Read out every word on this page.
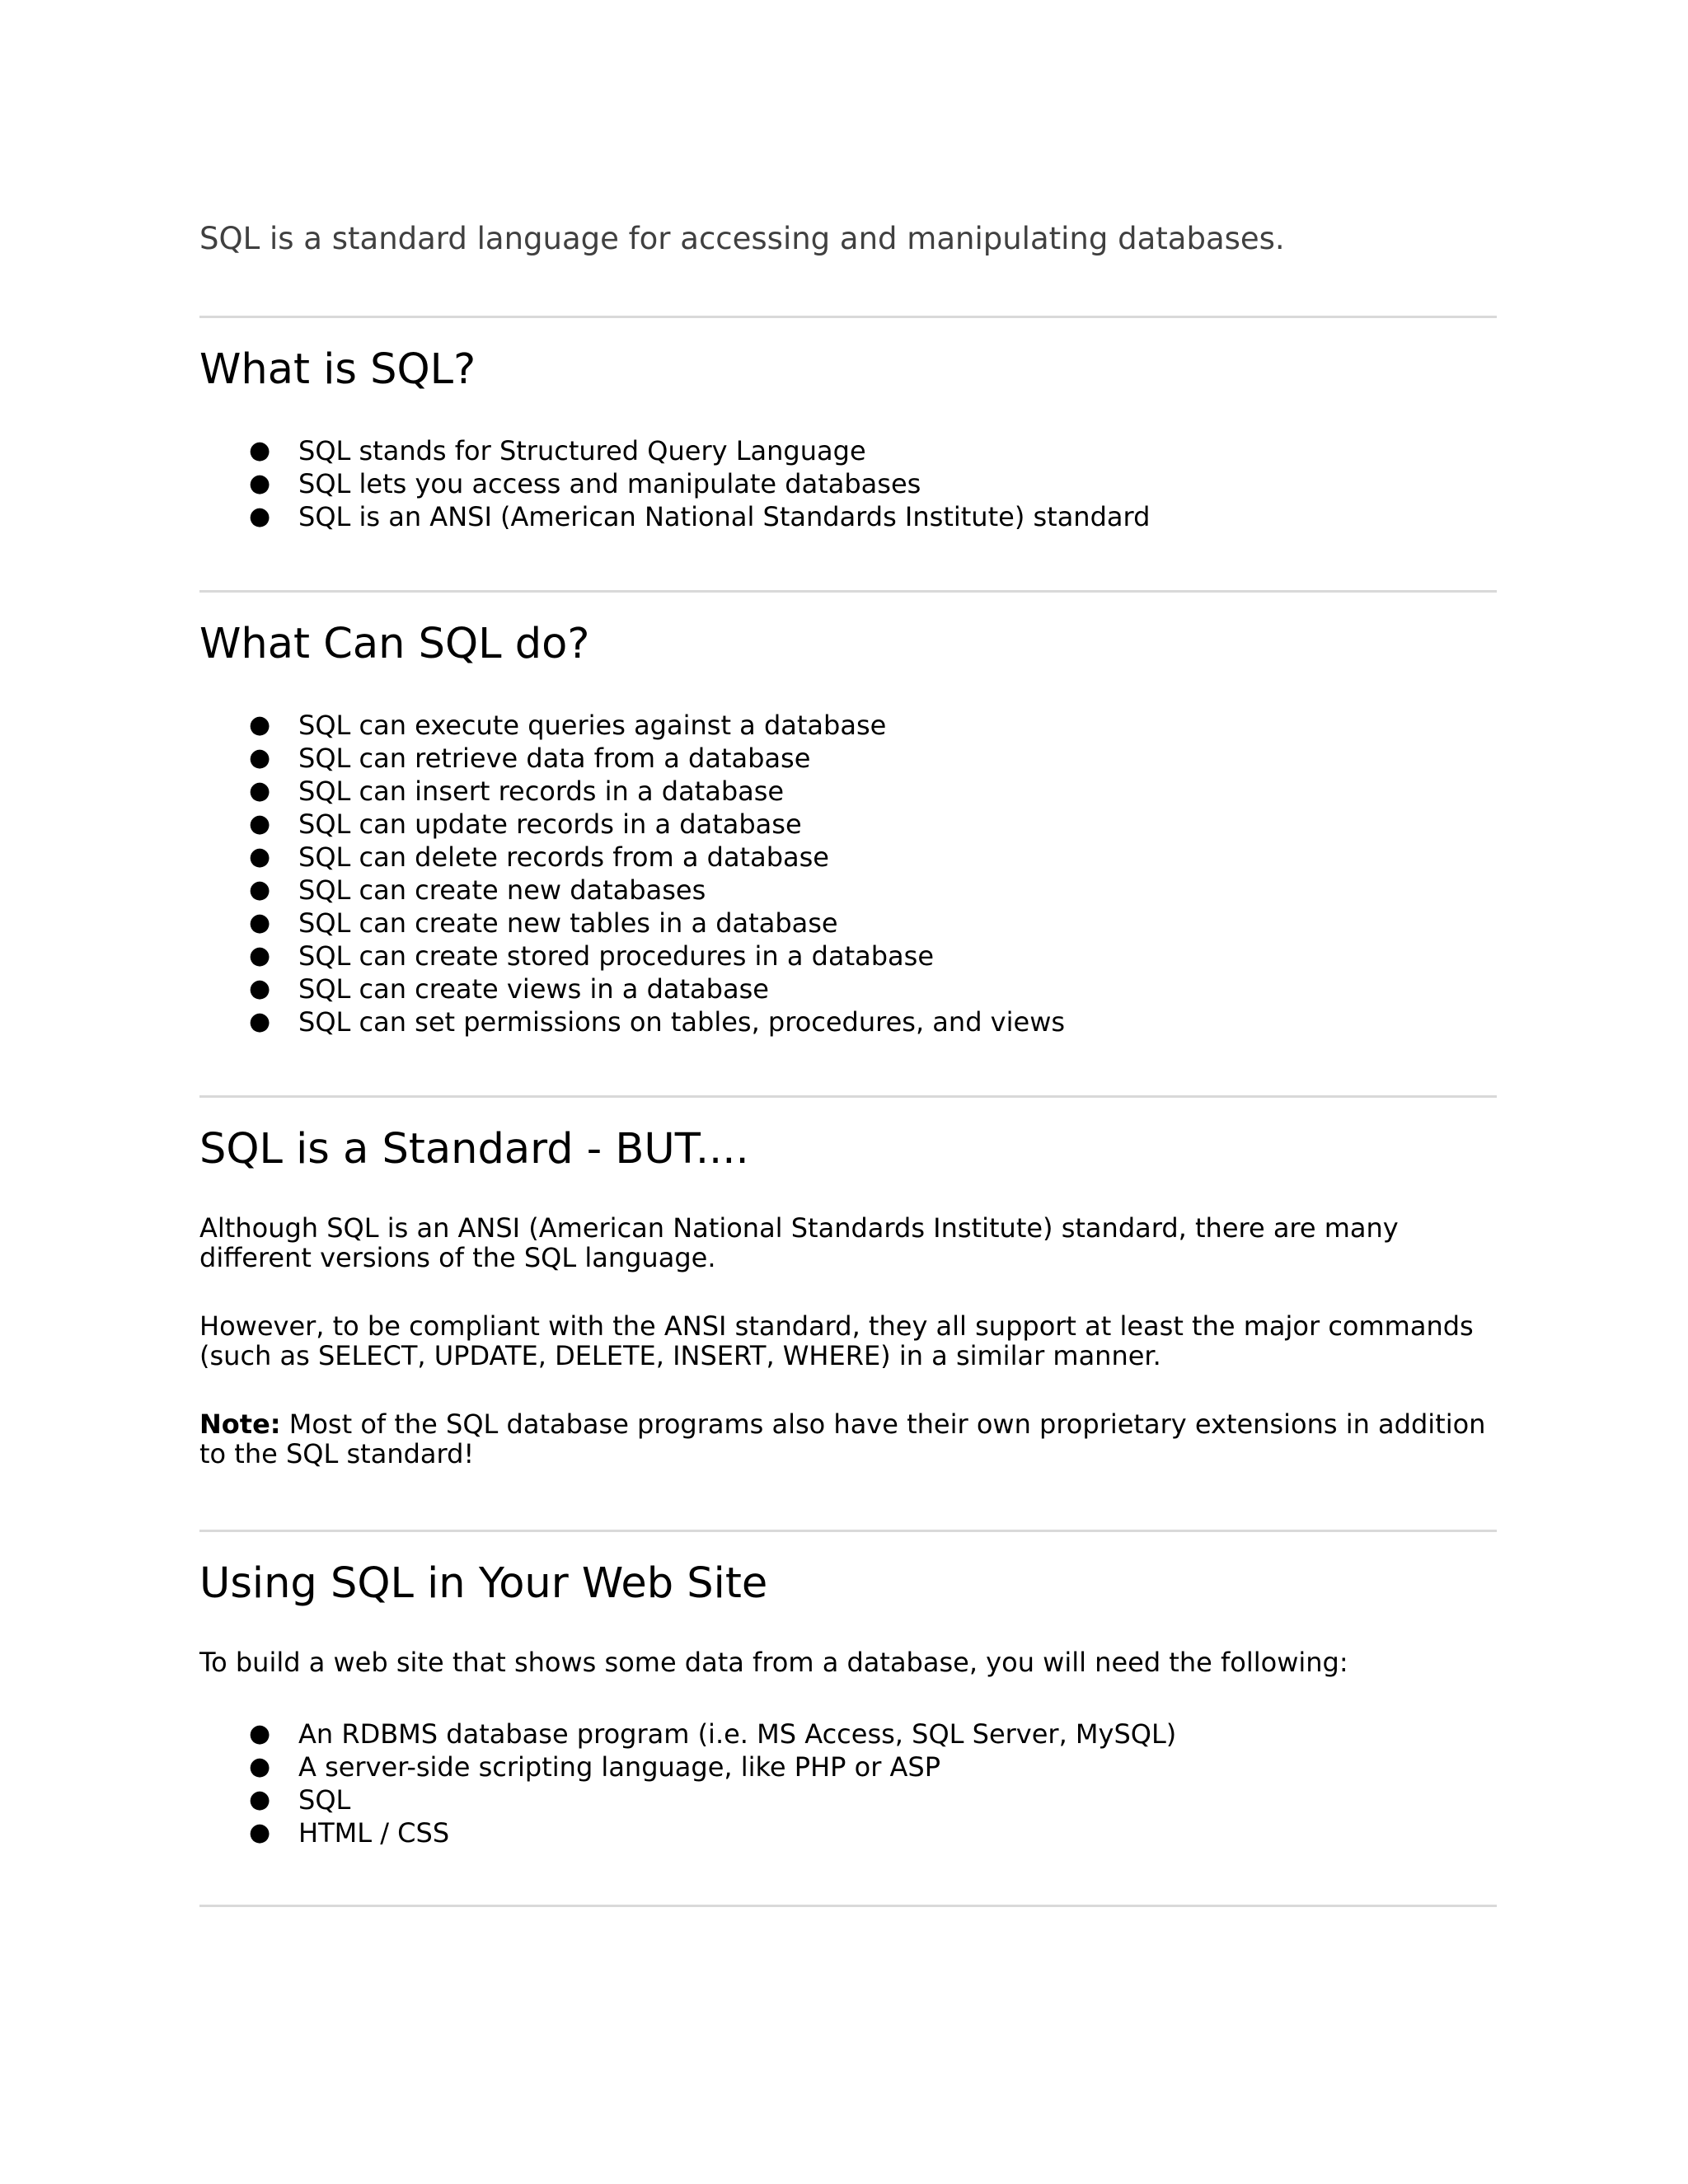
SQL is a standard language for accessing and manipulating databases.

What is SQL?
● SQL stands for Structured Query Language
● SQL lets you access and manipulate databases
● SQL is an ANSI (American National Standards Institute) standard
What Can SQL do?
● SQL can execute queries against a database
● SQL can retrieve data from a database
● SQL can insert records in a database
● SQL can update records in a database
● SQL can delete records from a database
● SQL can create new databases
● SQL can create new tables in a database
● SQL can create stored procedures in a database
● SQL can create views in a database
● SQL can set permissions on tables, procedures, and views
SQL is a Standard - BUT....

Although SQL is an ANSI (American National Standards Institute) standard, there are many different versions of the SQL language.

However, to be compliant with the ANSI standard, they all support at least the major commands (such as SELECT, UPDATE, DELETE, INSERT, WHERE) in a similar manner.

Note: Most of the SQL database programs also have their own proprietary extensions in addition to the SQL standard!

Using SQL in Your Web Site

To build a web site that shows some data from a database, you will need the following:

● An RDBMS database program (i.e. MS Access, SQL Server, MySQL)
● A server-side scripting language, like PHP or ASP
● SQL
● HTML / CSS
